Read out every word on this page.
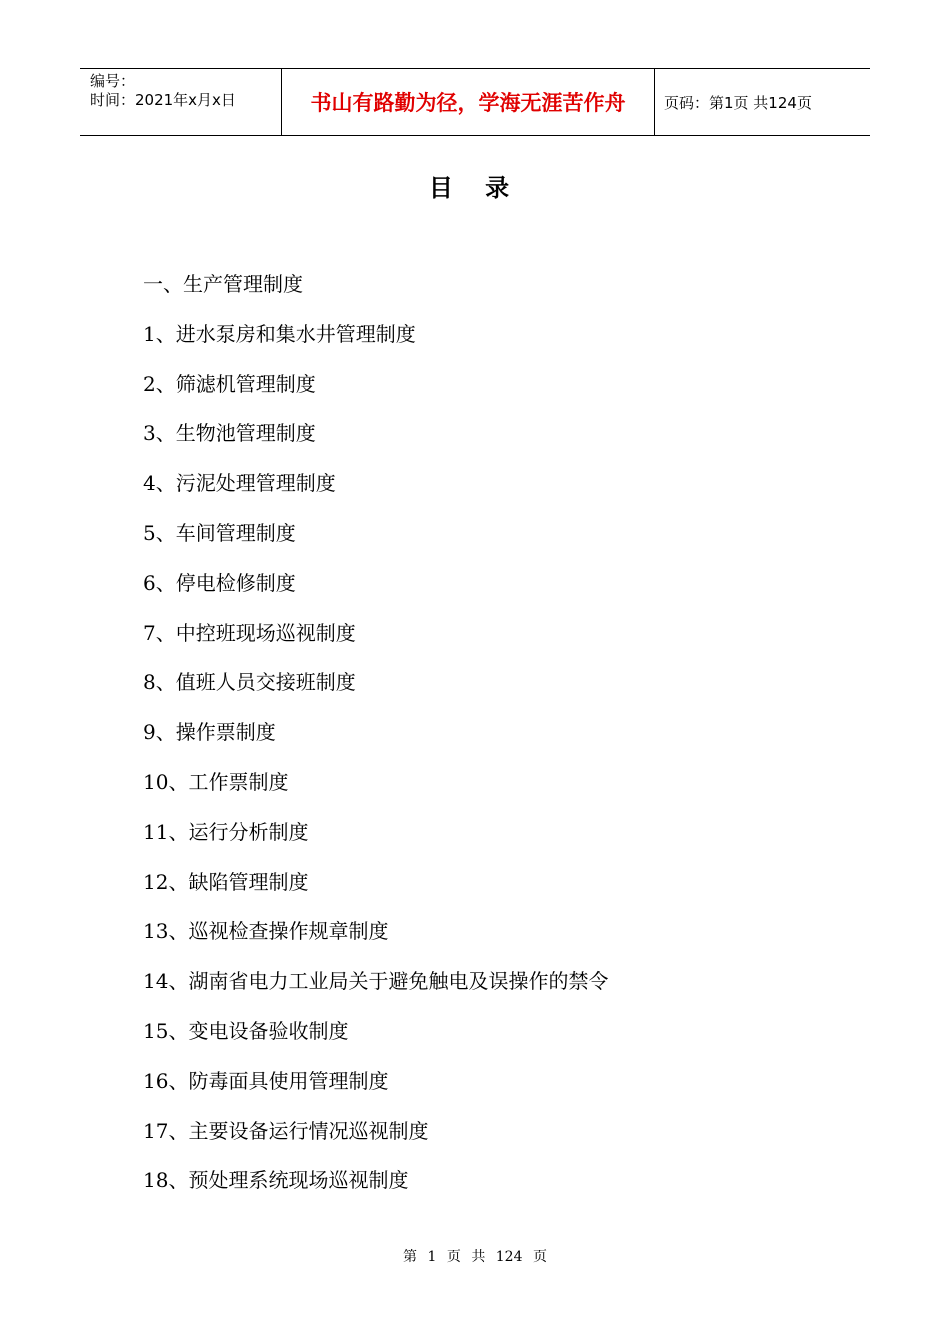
编号：
时间：2021年x月x日	书山有路勤为径，学海无涯苦作舟	页码：第1页 共124页
目 录
一、生产管理制度
1、进水泵房和集水井管理制度
2、筛滤机管理制度
3、生物池管理制度
4、污泥处理管理制度
5、车间管理制度
6、停电检修制度
7、中控班现场巡视制度
8、值班人员交接班制度
9、操作票制度
10、工作票制度
11、运行分析制度
12、缺陷管理制度
13、巡视检查操作规章制度
14、湖南省电力工业局关于避免触电及误操作的禁令
15、变电设备验收制度
16、防毒面具使用管理制度
17、主要设备运行情况巡视制度
18、预处理系统现场巡视制度
第 1 页 共 124 页
